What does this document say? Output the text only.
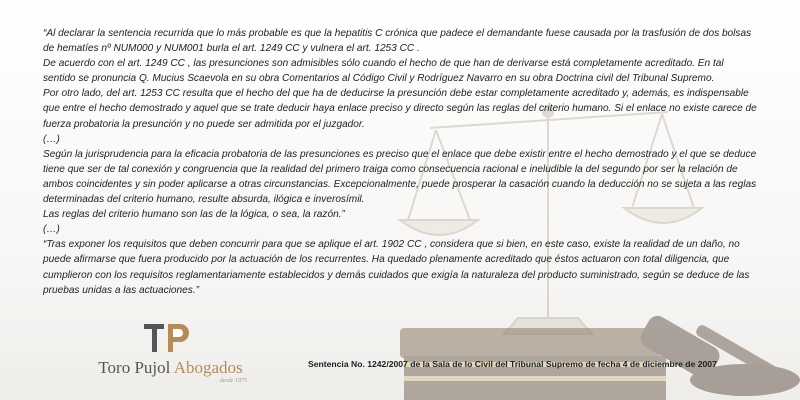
“Al declarar la sentencia recurrida que lo más probable es que la hepatitis C crónica que padece el demandante fuese causada por la trasfusión de dos bolsas de hematíes nº NUM000 y NUM001 burla el art. 1249 CC y vulnera el art. 1253 CC .

De acuerdo con el art. 1249 CC , las presunciones son admisibles sólo cuando el hecho de que han de derivarse está completamente acreditado. En tal sentido se pronuncia Q. Mucius Scaevola en su obra Comentarios al Código Civil y Rodríguez Navarro en su obra Doctrina civil del Tribunal Supremo.

Por otro lado, del art. 1253 CC resulta que el hecho del que ha de deducirse la presunción debe estar completamente acreditado y, además, es indispensable que entre el hecho demostrado y aquel que se trate deducir haya enlace preciso y directo según las reglas del criterio humano. Si el enlace no existe carece de fuerza probatoria la presunción y no puede ser admitida por el juzgador.

(…)

Según la jurisprudencia para la eficacia probatoria de las presunciones es preciso que el enlace que debe existir entre el hecho demostrado y el que se deduce tiene que ser de tal conexión y congruencia que la realidad del primero traiga como consecuencia racional e ineludible la del segundo por ser la relación de ambos coincidentes y sin poder aplicarse a otras circunstancias. Excepcionalmente, puede prosperar la casación cuando la deducción no se sujeta a las reglas determinadas del criterio humano, resulte absurda, ilógica e inverosímil.

Las reglas del criterio humano son las de la lógica, o sea, la razón.”

(…)

“Tras exponer los requisitos que deben concurrir para que se aplique el art. 1902 CC , considera que si bien, en este caso, existe la realidad de un daño, no puede afirmarse que fuera producido por la actuación de los recurrentes. Ha quedado plenamente acreditado que éstos actuaron con total diligencia, que cumplieron con los requisitos reglamentariamente establecidos y demás cuidados que exigía la naturaleza del producto suministrado, según se deduce de las pruebas unidas a las actuaciones.”

Toro Pujol Abogados
desde 1975
Sentencia No. 1242/2007 de la Sala de lo Civil del Tribunal Supremo de fecha 4 de diciembre de 2007
